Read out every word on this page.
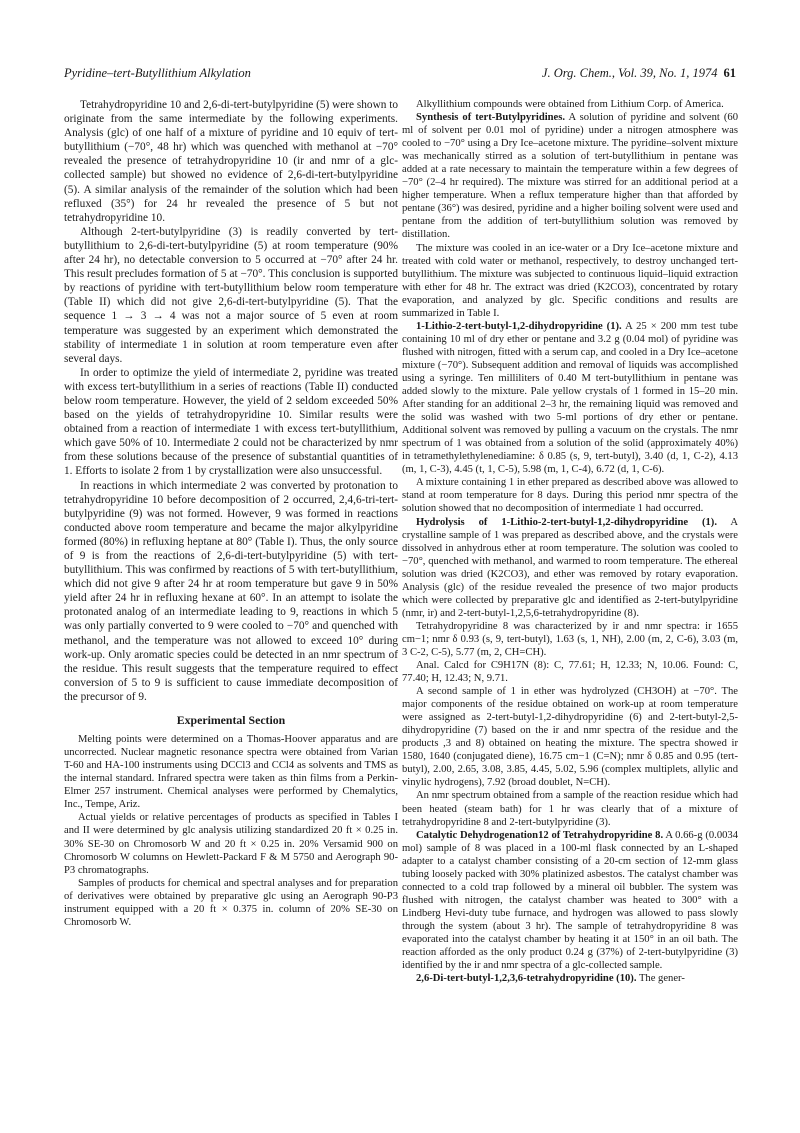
Pyridine–tert-Butyllithium Alkylation	J. Org. Chem., Vol. 39, No. 1, 1974 61

Tetrahydropyridine 10 and 2,6-di-tert-butylpyridine (5) were shown to originate from the same intermediate by the following experiments. Analysis (glc) of one half of a mixture of pyridine and 10 equiv of tert-butyllithium (−70°, 48 hr) which was quenched with methanol at −70° revealed the presence of tetrahydropyridine 10 (ir and nmr of a glc-collected sample) but showed no evidence of 2,6-di-tert-butylpyridine (5). A similar analysis of the remainder of the solution which had been refluxed (35°) for 24 hr revealed the presence of 5 but not tetrahydropyridine 10.

Although 2-tert-butylpyridine (3) is readily converted by tert-butyllithium to 2,6-di-tert-butylpyridine (5) at room temperature (90% after 24 hr), no detectable conversion to 5 occurred at −70° after 24 hr. This result precludes formation of 5 at −70°. This conclusion is supported by reactions of pyridine with tert-butyllithium below room temperature (Table II) which did not give 2,6-di-tert-butylpyridine (5). That the sequence 1 → 3 → 4 was not a major source of 5 even at room temperature was suggested by an experiment which demonstrated the stability of intermediate 1 in solution at room temperature even after several days.

In order to optimize the yield of intermediate 2, pyridine was treated with excess tert-butyllithium in a series of reactions (Table II) conducted below room temperature. However, the yield of 2 seldom exceeded 50% based on the yields of tetrahydropyridine 10. Similar results were obtained from a reaction of intermediate 1 with excess tert-butyllithium, which gave 50% of 10. Intermediate 2 could not be characterized by nmr from these solutions because of the presence of substantial quantities of 1. Efforts to isolate 2 from 1 by crystallization were also unsuccessful.

In reactions in which intermediate 2 was converted by protonation to tetrahydropyridine 10 before decomposition of 2 occurred, 2,4,6-tri-tert-butylpyridine (9) was not formed. However, 9 was formed in reactions conducted above room temperature and became the major alkylpyridine formed (80%) in refluxing heptane at 80° (Table I). Thus, the only source of 9 is from the reactions of 2,6-di-tert-butylpyridine (5) with tert-butyllithium. This was confirmed by reactions of 5 with tert-butyllithium, which did not give 9 after 24 hr at room temperature but gave 9 in 50% yield after 24 hr in refluxing hexane at 60°. In an attempt to isolate the protonated analog of an intermediate leading to 9, reactions in which 5 was only partially converted to 9 were cooled to −70° and quenched with methanol, and the temperature was not allowed to exceed 10° during work-up. Only aromatic species could be detected in an nmr spectrum of the residue. This result suggests that the temperature required to effect conversion of 5 to 9 is sufficient to cause immediate decomposition of the precursor of 9.

Experimental Section

Melting points were determined on a Thomas-Hoover apparatus and are uncorrected. Nuclear magnetic resonance spectra were obtained from Varian T-60 and HA-100 instruments using DCCl3 and CCl4 as solvents and TMS as the internal standard. Infrared spectra were taken as thin films from a Perkin-Elmer 257 instrument. Chemical analyses were performed by Chemalytics, Inc., Tempe, Ariz.

Actual yields or relative percentages of products as specified in Tables I and II were determined by glc analysis utilizing standardized 20 ft × 0.25 in. 30% SE-30 on Chromosorb W and 20 ft × 0.25 in. 20% Versamid 900 on Chromosorb W columns on Hewlett-Packard F & M 5750 and Aerograph 90-P3 chromatographs.

Samples of products for chemical and spectral analyses and for preparation of derivatives were obtained by preparative glc using an Aerograph 90-P3 instrument equipped with a 20 ft × 0.375 in. column of 20% SE-30 on Chromosorb W.

Alkyllithium compounds were obtained from Lithium Corp. of America.

Synthesis of tert-Butylpyridines. A solution of pyridine and solvent (60 ml of solvent per 0.01 mol of pyridine) under a nitrogen atmosphere was cooled to −70° using a Dry Ice–acetone mixture. The pyridine–solvent mixture was mechanically stirred as a solution of tert-butyllithium in pentane was added at a rate necessary to maintain the temperature within a few degrees of −70° (2–4 hr required). The mixture was stirred for an additional period at a higher temperature. When a reflux temperature higher than that afforded by pentane (36°) was desired, pyridine and a higher boiling solvent were used and pentane from the addition of tert-butyllithium solution was removed by distillation.

The mixture was cooled in an ice-water or a Dry Ice–acetone mixture and treated with cold water or methanol, respectively, to destroy unchanged tert-butyllithium. The mixture was subjected to continuous liquid–liquid extraction with ether for 48 hr. The extract was dried (K2CO3), concentrated by rotary evaporation, and analyzed by glc. Specific conditions and results are summarized in Table I.

1-Lithio-2-tert-butyl-1,2-dihydropyridine (1). A 25 × 200 mm test tube containing 10 ml of dry ether or pentane and 3.2 g (0.04 mol) of pyridine was flushed with nitrogen, fitted with a serum cap, and cooled in a Dry Ice–acetone mixture (−70°). Subsequent addition and removal of liquids was accomplished using a syringe. Ten milliliters of 0.40 M tert-butyllithium in pentane was added slowly to the mixture. Pale yellow crystals of 1 formed in 15–20 min. After standing for an additional 2–3 hr, the remaining liquid was removed and the solid was washed with two 5-ml portions of dry ether or pentane. Additional solvent was removed by pulling a vacuum on the crystals. The nmr spectrum of 1 was obtained from a solution of the solid (approximately 40%) in tetramethylethylenediamine: δ 0.85 (s, 9, tert-butyl), 3.40 (d, 1, C-2), 4.13 (m, 1, C-3), 4.45 (t, 1, C-5), 5.98 (m, 1, C-4), 6.72 (d, 1, C-6).

A mixture containing 1 in ether prepared as described above was allowed to stand at room temperature for 8 days. During this period nmr spectra of the solution showed that no decomposition of intermediate 1 had occurred.

Hydrolysis of 1-Lithio-2-tert-butyl-1,2-dihydropyridine (1). A crystalline sample of 1 was prepared as described above, and the crystals were dissolved in anhydrous ether at room temperature. The solution was cooled to −70°, quenched with methanol, and warmed to room temperature. The ethereal solution was dried (K2CO3), and ether was removed by rotary evaporation. Analysis (glc) of the residue revealed the presence of two major products which were collected by preparative glc and identified as 2-tert-butylpyridine (nmr, ir) and 2-tert-butyl-1,2,5,6-tetrahydropyridine (8).

Tetrahydropyridine 8 was characterized by ir and nmr spectra: ir 1655 cm−1; nmr δ 0.93 (s, 9, tert-butyl), 1.63 (s, 1, NH), 2.00 (m, 2, C-6), 3.03 (m, 3 C-2, C-5), 5.77 (m, 2, CH=CH).

Anal. Calcd for C9H17N (8): C, 77.61; H, 12.33; N, 10.06. Found: C, 77.40; H, 12.43; N, 9.71.

A second sample of 1 in ether was hydrolyzed (CH3OH) at −70°. The major components of the residue obtained on work-up at room temperature were assigned as 2-tert-butyl-1,2-dihydropyridine (6) and 2-tert-butyl-2,5-dihydropyridine (7) based on the ir and nmr spectra of the residue and the products ,3 and 8) obtained on heating the mixture. The spectra showed ir 1580, 1640 (conjugated diene), 16.75 cm−1 (C=N); nmr δ 0.85 and 0.95 (tert-butyl), 2.00, 2.65, 3.08, 3.85, 4.45, 5.02, 5.96 (complex multiplets, allylic and vinylic hydrogens), 7.92 (broad doublet, N=CH).

An nmr spectrum obtained from a sample of the reaction residue which had been heated (steam bath) for 1 hr was clearly that of a mixture of tetrahydropyridine 8 and 2-tert-butylpyridine (3).

Catalytic Dehydrogenation12 of Tetrahydropyridine 8. A 0.66-g (0.0034 mol) sample of 8 was placed in a 100-ml flask connected by an L-shaped adapter to a catalyst chamber consisting of a 20-cm section of 12-mm glass tubing loosely packed with 30% platinized asbestos. The catalyst chamber was connected to a cold trap followed by a mineral oil bubbler. The system was flushed with nitrogen, the catalyst chamber was heated to 300° with a Lindberg Hevi-duty tube furnace, and hydrogen was allowed to pass slowly through the system (about 3 hr). The sample of tetrahydropyridine 8 was evaporated into the catalyst chamber by heating it at 150° in an oil bath. The reaction afforded as the only product 0.24 g (37%) of 2-tert-butylpyridine (3) identified by the ir and nmr spectra of a glc-collected sample.

2,6-Di-tert-butyl-1,2,3,6-tetrahydropyridine (10). The gener-
